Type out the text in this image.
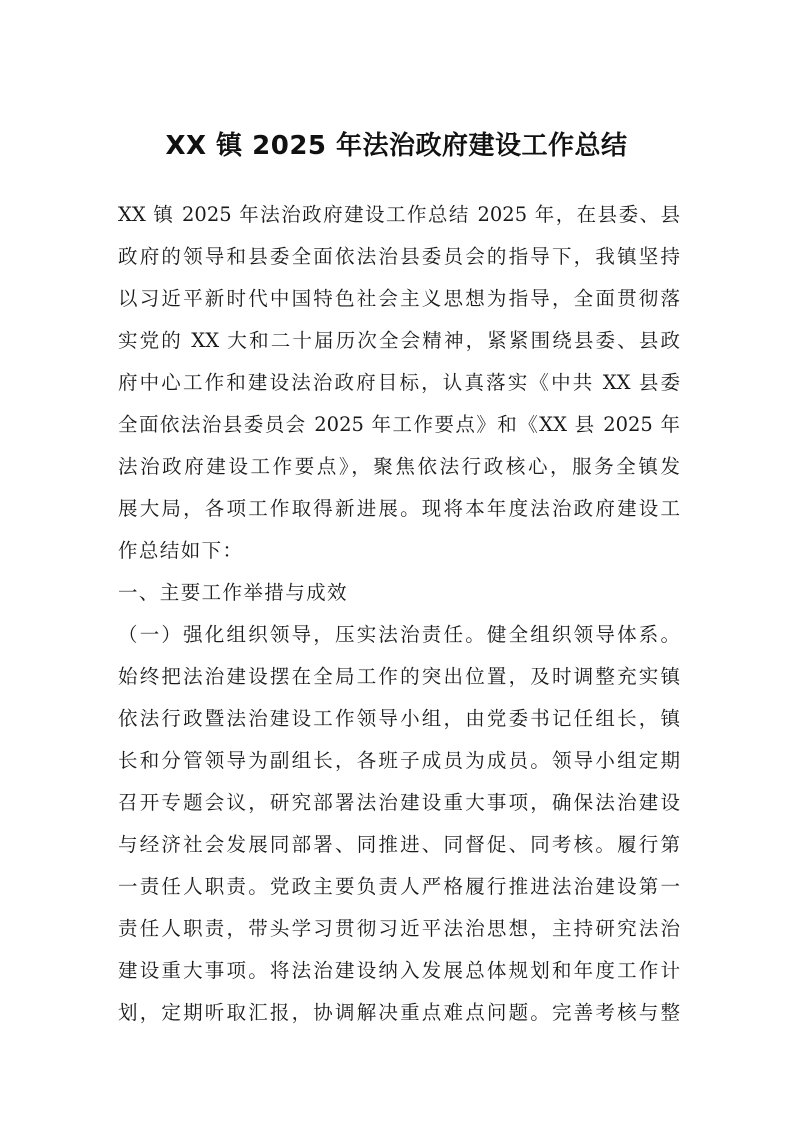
XX 镇 2025 年法治政府建设工作总结
XX 镇 2025 年法治政府建设工作总结 2025 年，在县委、县
政府的领导和县委全面依法治县委员会的指导下，我镇坚持
以习近平新时代中国特色社会主义思想为指导，全面贯彻落
实党的 XX 大和二十届历次全会精神，紧紧围绕县委、县政
府中心工作和建设法治政府目标，认真落实《中共 XX 县委
全面依法治县委员会 2025 年工作要点》和《XX 县 2025 年
法治政府建设工作要点》，聚焦依法行政核心，服务全镇发
展大局，各项工作取得新进展。现将本年度法治政府建设工
作总结如下：
一、主要工作举措与成效
（一）强化组织领导，压实法治责任。健全组织领导体系。
始终把法治建设摆在全局工作的突出位置，及时调整充实镇
依法行政暨法治建设工作领导小组，由党委书记任组长，镇
长和分管领导为副组长，各班子成员为成员。领导小组定期
召开专题会议，研究部署法治建设重大事项，确保法治建设
与经济社会发展同部署、同推进、同督促、同考核。履行第
一责任人职责。党政主要负责人严格履行推进法治建设第一
责任人职责，带头学习贯彻习近平法治思想，主持研究法治
建设重大事项。将法治建设纳入发展总体规划和年度工作计
划，定期听取汇报，协调解决重点难点问题。完善考核与整
